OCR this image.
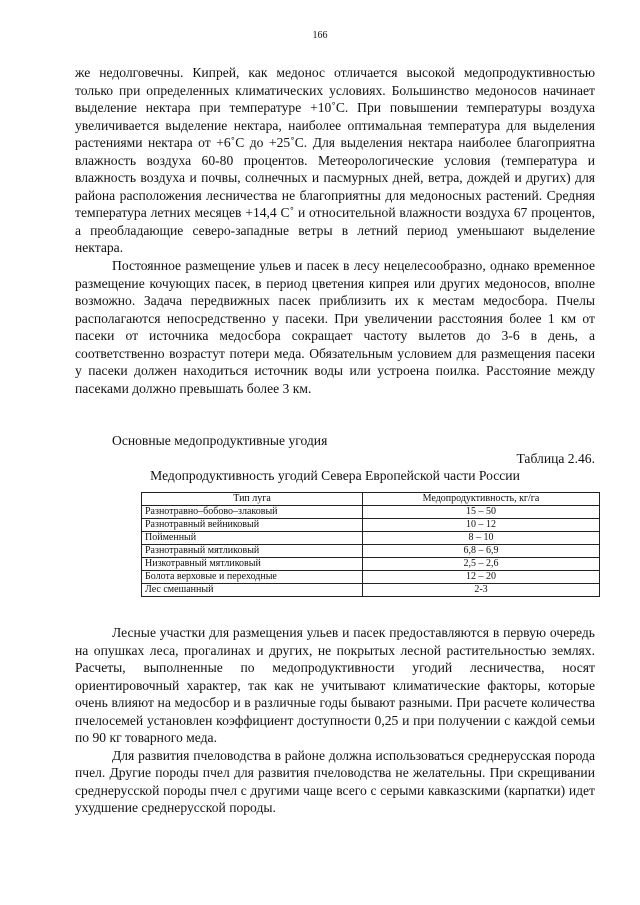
166

же недолговечны. Кипрей, как медонос отличается высокой медопродуктивностью только при определенных климатических условиях. Большинство медоносов начинает выделение нектара при температуре +10˚С. При повышении температуры воздуха увеличивается выделение нектара, наиболее оптимальная температура для выделения растениями нектара от +6˚С до +25˚С. Для выделения нектара наиболее благоприятна влажность воздуха 60-80 процентов. Метеорологические условия (температура и влажность воздуха и почвы, солнечных и пасмурных дней, ветра, дождей и других) для района расположения лесничества не благоприятны для медоносных растений. Средняя температура летних месяцев +14,4 С˚ и относительной влажности воздуха 67 процентов, а преобладающие северо-западные ветры в летний период уменьшают выделение нектара.

Постоянное размещение ульев и пасек в лесу нецелесообразно, однако временное размещение кочующих пасек, в период цветения кипрея или других медоносов, вполне возможно. Задача передвижных пасек приблизить их к местам медосбора. Пчелы располагаются непосредственно у пасеки. При увеличении расстояния более 1 км от пасеки от источника медосбора сокращает частоту вылетов до 3-6 в день, а соответственно возрастут потери меда. Обязательным условием для размещения пасеки у пасеки должен находиться источник воды или устроена поилка. Расстояние между пасеками должно превышать более 3 км.

Основные медопродуктивные угодия

Таблица 2.46.

Медопродуктивность угодий Севера Европейской части России

Тип луга	Медопродуктивность, кг/га
Разнотравно–бобово–злаковый	15 – 50
Разнотравный вейниковый	10 – 12
Пойменный	8 – 10
Разнотравный мятликовый	6,8 – 6,9
Низкотравный мятликовый	2,5 – 2,6
Болота верховые и переходные	12 – 20
Лес смешанный	2-3

Лесные участки для размещения ульев и пасек предоставляются в первую очередь на опушках леса, прогалинах и других, не покрытых лесной растительностью землях. Расчеты, выполненные по медопродуктивности угодий лесничества, носят ориентировочный характер, так как не учитывают климатические факторы, которые очень влияют на медосбор и в различные годы бывают разными. При расчете количества пчелосемей установлен коэффициент доступности 0,25 и при получении с каждой семьи по 90 кг товарного меда.

Для развития пчеловодства в районе должна использоваться среднерусская порода пчел. Другие породы пчел для развития пчеловодства не желательны. При скрещивании среднерусской породы пчел с другими чаще всего с серыми кавказскими (карпатки) идет ухудшение среднерусской породы.
